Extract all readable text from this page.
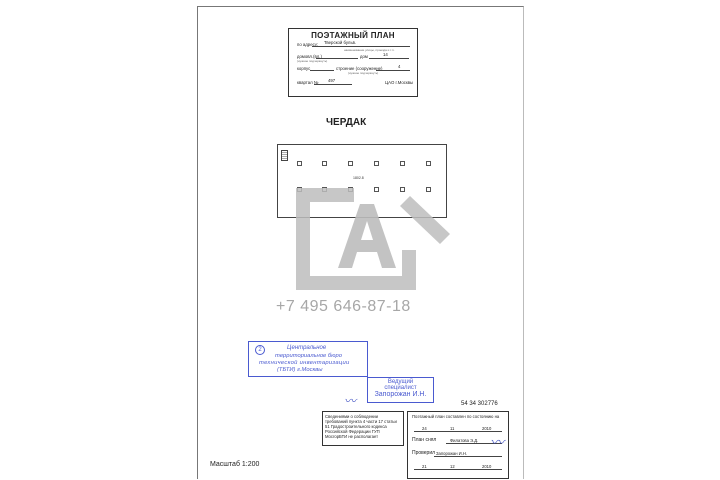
ПОЭТАЖНЫЙ ПЛАН
по адресу: Тверской бульв.
наименование улицы, проезда и т.п.
домовл.(вл.)
(нужное подчеркнуть)
дом	14
корпус	строение (сооружение)	4
(нужное подчеркнуть)
квартал № 497	ЦАО г.Москвы
ЧЕРДАК
1802.8
+7 495 646-87-18
2	Центральное
территориальное бюро
технической инвентаризации
(ТБТИ) г.Москвы
Ведущий
специалист
Запорожан И.Н.
〰	54 34 302776
Сведениями о соблюдении требований пункта 4 части 17 статьи 51 Градостроительного кодекса Российской Федерации ГУП МосгорБТИ не располагает
Поэтажный план составлен по состоянию на
24	11	2010
План снял	Филатова Э.Д.
Проверил Запорожан И.Н.
21	12	2010
〰
Масштаб 1:200
